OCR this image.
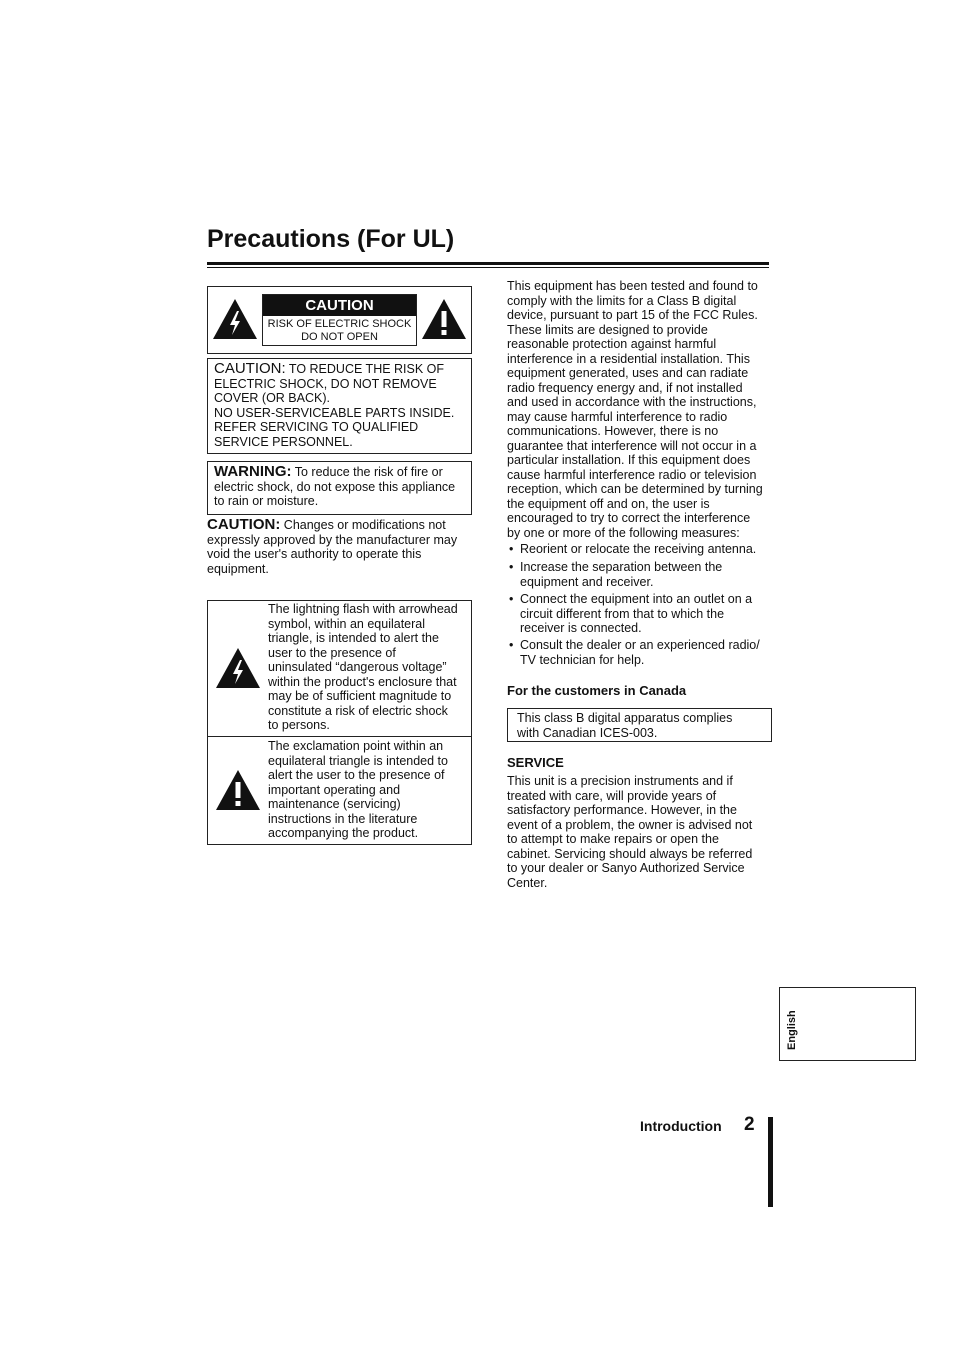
Precautions (For UL)
CAUTION
RISK OF ELECTRIC SHOCK
DO NOT OPEN
CAUTION: TO REDUCE THE RISK OF
ELECTRIC SHOCK, DO NOT REMOVE
COVER (OR BACK).
NO USER-SERVICEABLE PARTS INSIDE.
REFER SERVICING TO QUALIFIED
SERVICE PERSONNEL.
WARNING: To reduce the risk of fire or
electric shock, do not expose this appliance
to rain or moisture.
CAUTION: Changes or modifications not
expressly approved by the manufacturer may
void the user's authority to operate this
equipment.
The lightning flash with arrowhead
symbol, within an equilateral
triangle, is intended to alert the
user to the presence of
uninsulated “dangerous voltage”
within the product's enclosure that
may be of sufficient magnitude to
constitute a risk of electric shock
to persons.
The exclamation point within an
equilateral triangle is intended to
alert the user to the presence of
important operating and
maintenance (servicing)
instructions in the literature
accompanying the product.
This equipment has been tested and found to
comply with the limits for a Class B digital
device, pursuant to part 15 of the FCC Rules.
These limits are designed to provide
reasonable protection against harmful
interference in a residential installation. This
equipment generated, uses and can radiate
radio frequency energy and, if not installed
and used in accordance with the instructions,
may cause harmful interference to radio
communications. However, there is no
guarantee that interference will not occur in a
particular installation. If this equipment does
cause harmful interference radio or television
reception, which can be determined by turning
the equipment off and on, the user is
encouraged to try to correct the interference
by one or more of the following measures:
• Reorient or relocate the receiving antenna.
• Increase the separation between the
equipment and receiver.
• Connect the equipment into an outlet on a
circuit different from that to which the
receiver is connected.
• Consult the dealer or an experienced radio/
TV technician for help.
For the customers in Canada
This class B digital apparatus complies
with Canadian ICES-003.
SERVICE
This unit is a precision instruments and if
treated with care, will provide years of
satisfactory performance. However, in the
event of a problem, the owner is advised not
to attempt to make repairs or open the
cabinet. Servicing should always be referred
to your dealer or Sanyo Authorized Service
Center.
English
Introduction 2
